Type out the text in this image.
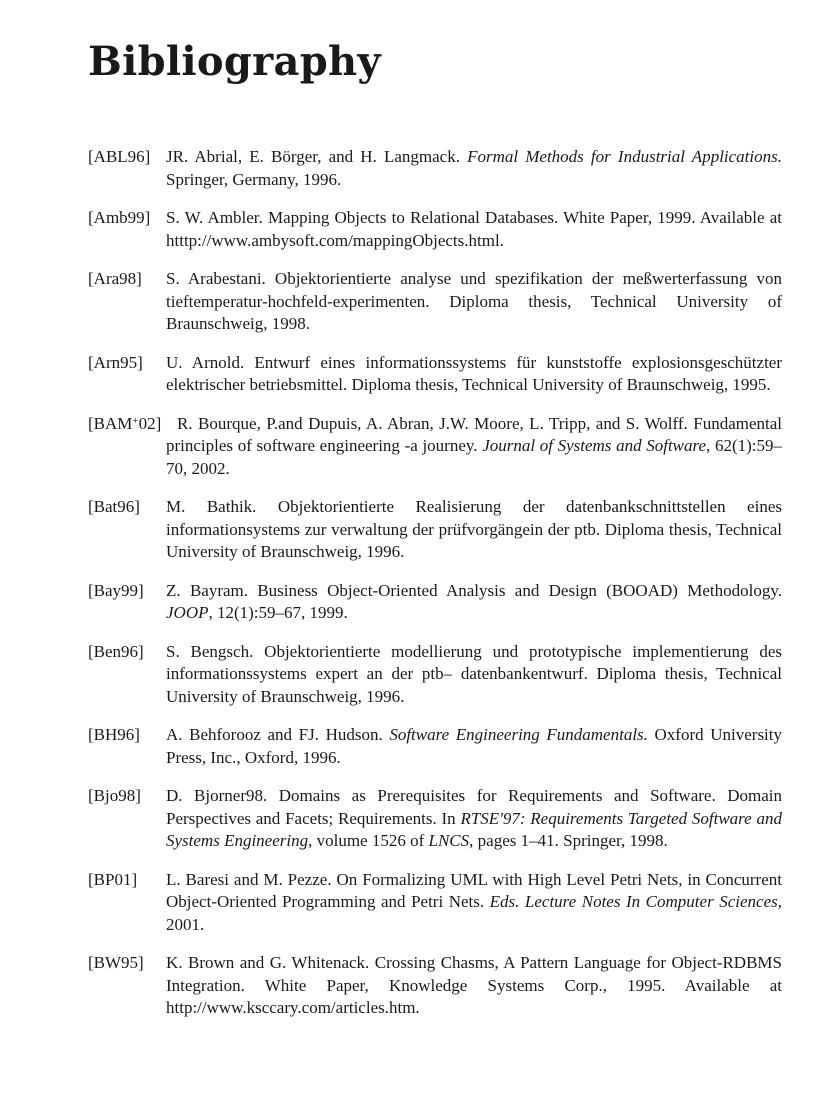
Bibliography
[ABL96] JR. Abrial, E. Börger, and H. Langmack. Formal Methods for Industrial Applications. Springer, Germany, 1996.
[Amb99] S. W. Ambler. Mapping Objects to Relational Databases. White Paper, 1999. Available at htttp://www.ambysoft.com/mappingObjects.html.
[Ara98] S. Arabestani. Objektorientierte analyse und spezifikation der meßwerterfassung von tieftemperatur-hochfeld-experimenten. Diploma thesis, Technical University of Braunschweig, 1998.
[Arn95] U. Arnold. Entwurf eines informationssystems für kunststoffe explosionsgeschützter elektrischer betriebsmittel. Diploma thesis, Technical University of Braunschweig, 1995.
[BAM+02] R. Bourque, P.and Dupuis, A. Abran, J.W. Moore, L. Tripp, and S. Wolff. Fundamental principles of software engineering -a journey. Journal of Systems and Software, 62(1):59–70, 2002.
[Bat96] M. Bathik. Objektorientierte Realisierung der datenbankschnittstellen eines informationsystems zur verwaltung der prüfvorgängein der ptb. Diploma thesis, Technical University of Braunschweig, 1996.
[Bay99] Z. Bayram. Business Object-Oriented Analysis and Design (BOOAD) Methodology. JOOP, 12(1):59–67, 1999.
[Ben96] S. Bengsch. Objektorientierte modellierung und prototypische implementierung des informationssystems expert an der ptb– datenbankentwurf. Diploma thesis, Technical University of Braunschweig, 1996.
[BH96] A. Behforooz and FJ. Hudson. Software Engineering Fundamentals. Oxford University Press, Inc., Oxford, 1996.
[Bjo98] D. Bjorner98. Domains as Prerequisites for Requirements and Software. Domain Perspectives and Facets; Requirements. In RTSE'97: Requirements Targeted Software and Systems Engineering, volume 1526 of LNCS, pages 1–41. Springer, 1998.
[BP01] L. Baresi and M. Pezze. On Formalizing UML with High Level Petri Nets, in Concurrent Object-Oriented Programming and Petri Nets. Eds. Lecture Notes In Computer Sciences, 2001.
[BW95] K. Brown and G. Whitenack. Crossing Chasms, A Pattern Language for Object-RDBMS Integration. White Paper, Knowledge Systems Corp., 1995. Available at http://www.ksccary.com/articles.htm.
